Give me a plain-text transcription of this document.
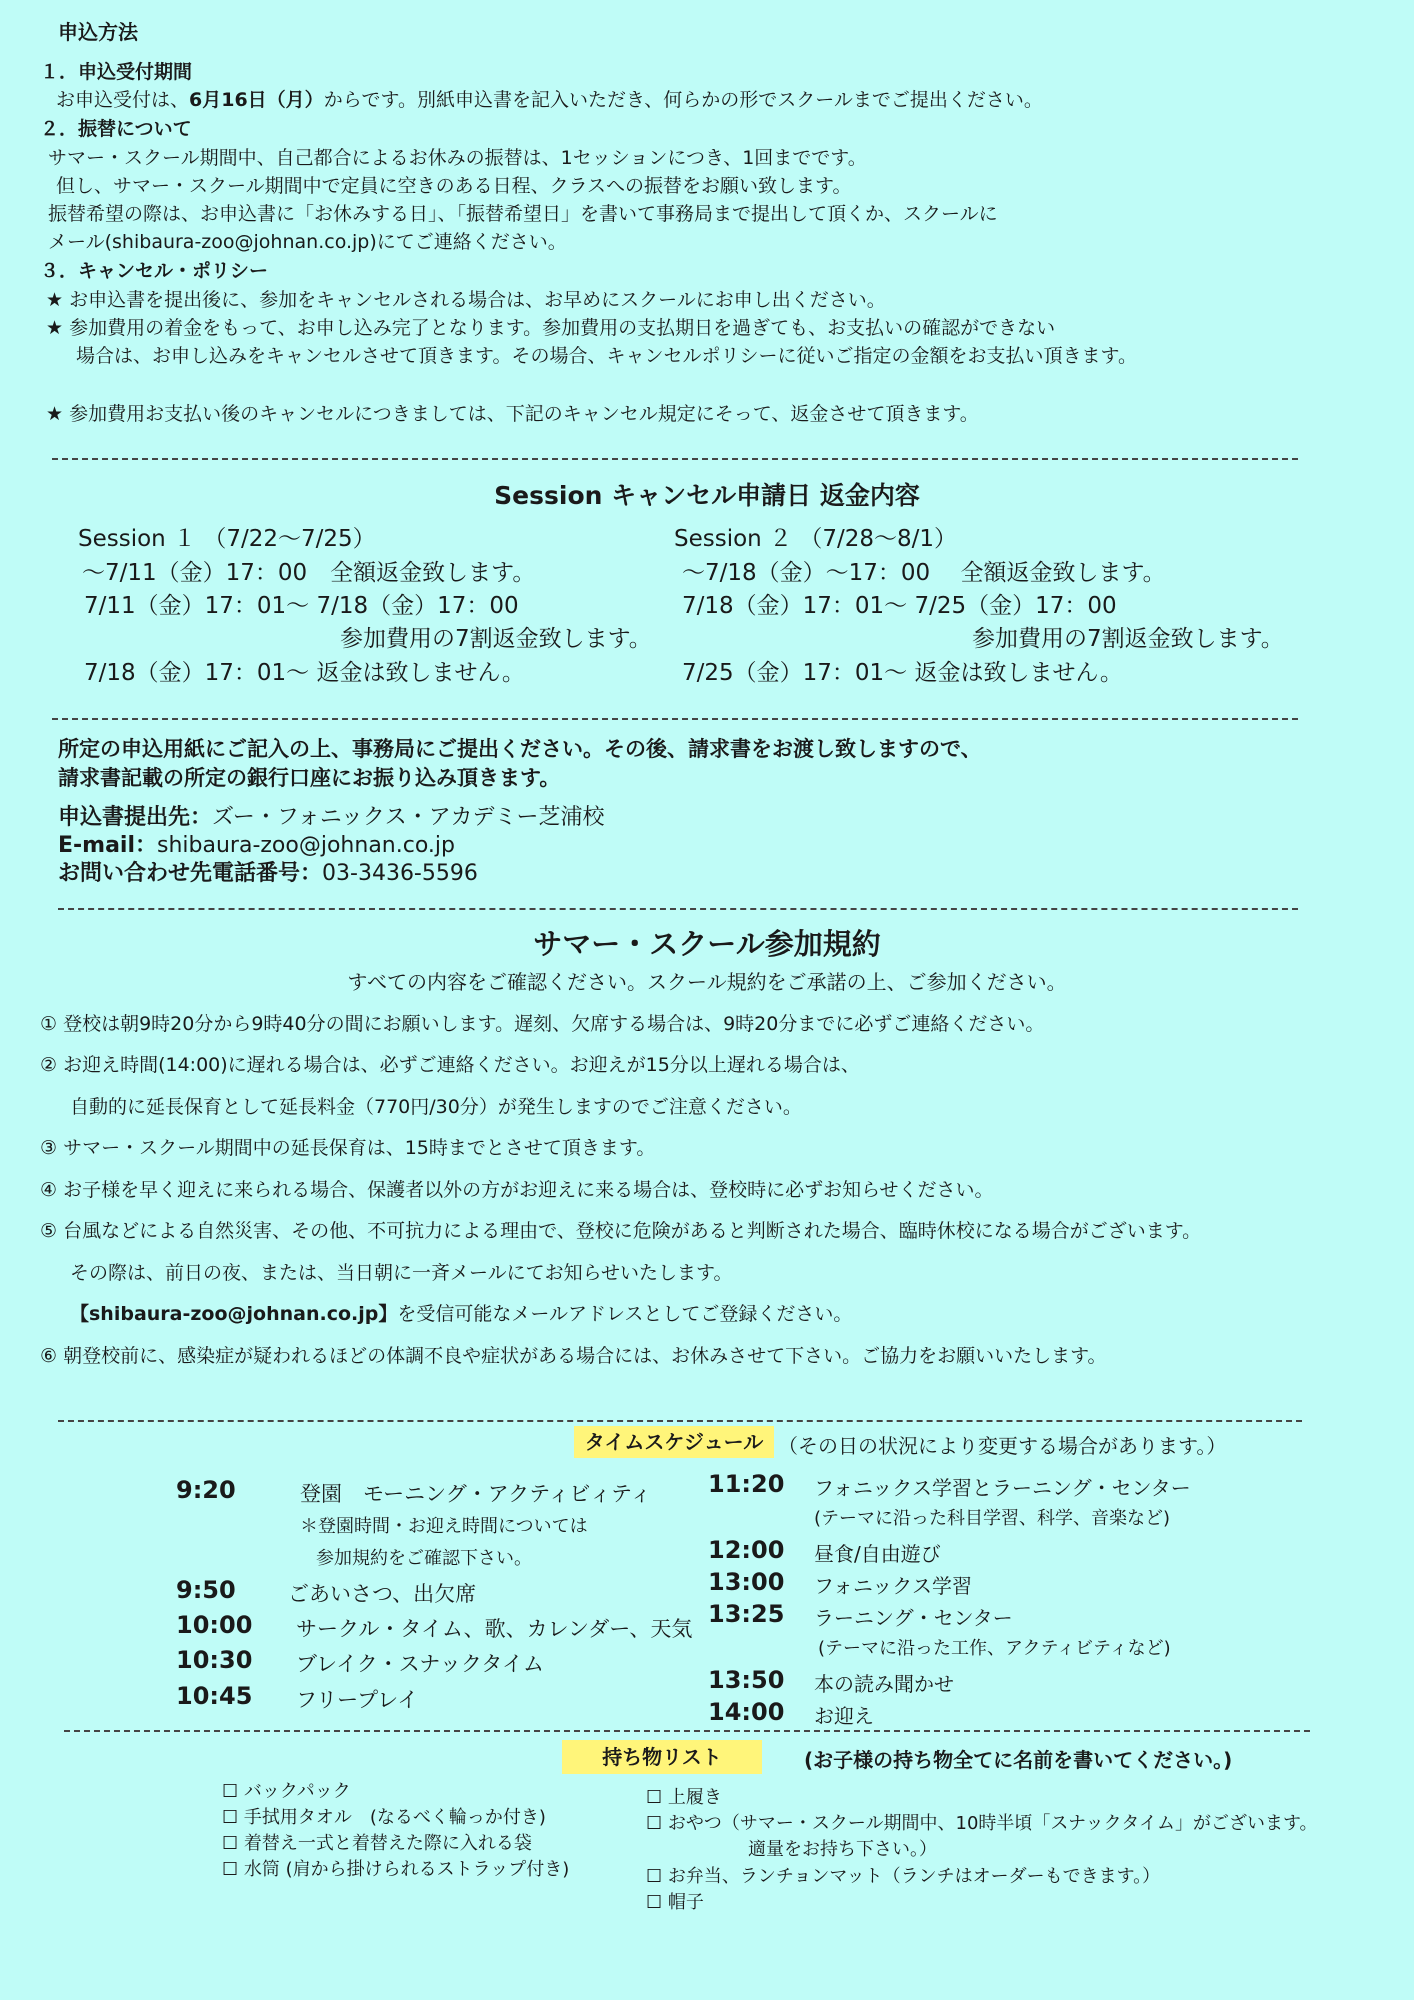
申込方法
１．申込受付期間
お申込受付は、6月16日（月）からです。別紙申込書を記入いただき、何らかの形でスクールまでご提出ください。
２．振替について
サマー・スクール期間中、自己都合によるお休みの振替は、1セッションにつき、1回までです。
但し、サマー・スクール期間中で定員に空きのある日程、クラスへの振替をお願い致します。
振替希望の際は、お申込書に「お休みする日」、「振替希望日」を書いて事務局まで提出して頂くか、スクールに
メール(shibaura-zoo@johnan.co.jp)にてご連絡ください。
３．キャンセル・ポリシー
★ お申込書を提出後に、参加をキャンセルされる場合は、お早めにスクールにお申し出ください。
★ 参加費用の着金をもって、お申し込み完了となります。参加費用の支払期日を過ぎても、お支払いの確認ができない
場合は、お申し込みをキャンセルさせて頂きます。その場合、キャンセルポリシーに従いご指定の金額をお支払い頂きます。
★ 参加費用お支払い後のキャンセルにつきましては、下記のキャンセル規定にそって、返金させて頂きます。
Session キャンセル申請日 返金内容
Session １ （7/22〜7/25）
〜7/11（金）17：00　全額返金致します。
7/11（金）17：01〜 7/18（金）17：00
参加費用の7割返金致します。
7/18（金）17：01〜 返金は致しません。
Session ２ （7/28〜8/1）
〜7/18（金）〜17：00　 全額返金致します。
7/18（金）17：01〜 7/25（金）17：00
参加費用の7割返金致します。
7/25（金）17：01〜 返金は致しません。
所定の申込用紙にご記入の上、事務局にご提出ください。その後、請求書をお渡し致しますので、
請求書記載の所定の銀行口座にお振り込み頂きます。
申込書提出先：ズー・フォニックス・アカデミー芝浦校
E-mail：shibaura-zoo@johnan.co.jp
お問い合わせ先電話番号：03-3436-5596
サマー・スクール参加規約
すべての内容をご確認ください。スクール規約をご承諾の上、ご参加ください。
① 登校は朝9時20分から9時40分の間にお願いします。遅刻、欠席する場合は、9時20分までに必ずご連絡ください。
② お迎え時間(14:00)に遅れる場合は、必ずご連絡ください。お迎えが15分以上遅れる場合は、
自動的に延長保育として延長料金（770円/30分）が発生しますのでご注意ください。
③ サマー・スクール期間中の延長保育は、15時までとさせて頂きます。
④ お子様を早く迎えに来られる場合、保護者以外の方がお迎えに来る場合は、登校時に必ずお知らせください。
⑤ 台風などによる自然災害、その他、不可抗力による理由で、登校に危険があると判断された場合、臨時休校になる場合がございます。
その際は、前日の夜、または、当日朝に一斉メールにてお知らせいたします。
【shibaura-zoo@johnan.co.jp】を受信可能なメールアドレスとしてご登録ください。
⑥ 朝登校前に、感染症が疑われるほどの体調不良や症状がある場合には、お休みさせて下さい。ご協力をお願いいたします。
タイムスケジュール （その日の状況により変更する場合があります。）
9:20	登園　モーニング・アクティビィティ
＊登園時間・お迎え時間については
参加規約をご確認下さい。
9:50 ごあいさつ、出欠席
10:00 サークル・タイム、歌、カレンダー、天気
10:30 ブレイク・スナックタイム
10:45 フリープレイ
11:20 フォニックス学習とラーニング・センター
(テーマに沿った科目学習、科学、音楽など)
12:00 昼食/自由遊び
13:00 フォニックス学習
13:25 ラーニング・センター
(テーマに沿った工作、アクティビティなど)
13:50 本の読み聞かせ
14:00 お迎え
持ち物リスト	(お子様の持ち物全てに名前を書いてください。)
☐ バックパック
☐ 手拭用タオル　(なるべく輪っか付き)
☐ 着替え一式と着替えた際に入れる袋
☐ 水筒 (肩から掛けられるストラップ付き)
☐ 上履き
☐ おやつ（サマー・スクール期間中、10時半頃「スナックタイム」がございます。
適量をお持ち下さい。）
☐ お弁当、ランチョンマット（ランチはオーダーもできます。）
☐ 帽子
